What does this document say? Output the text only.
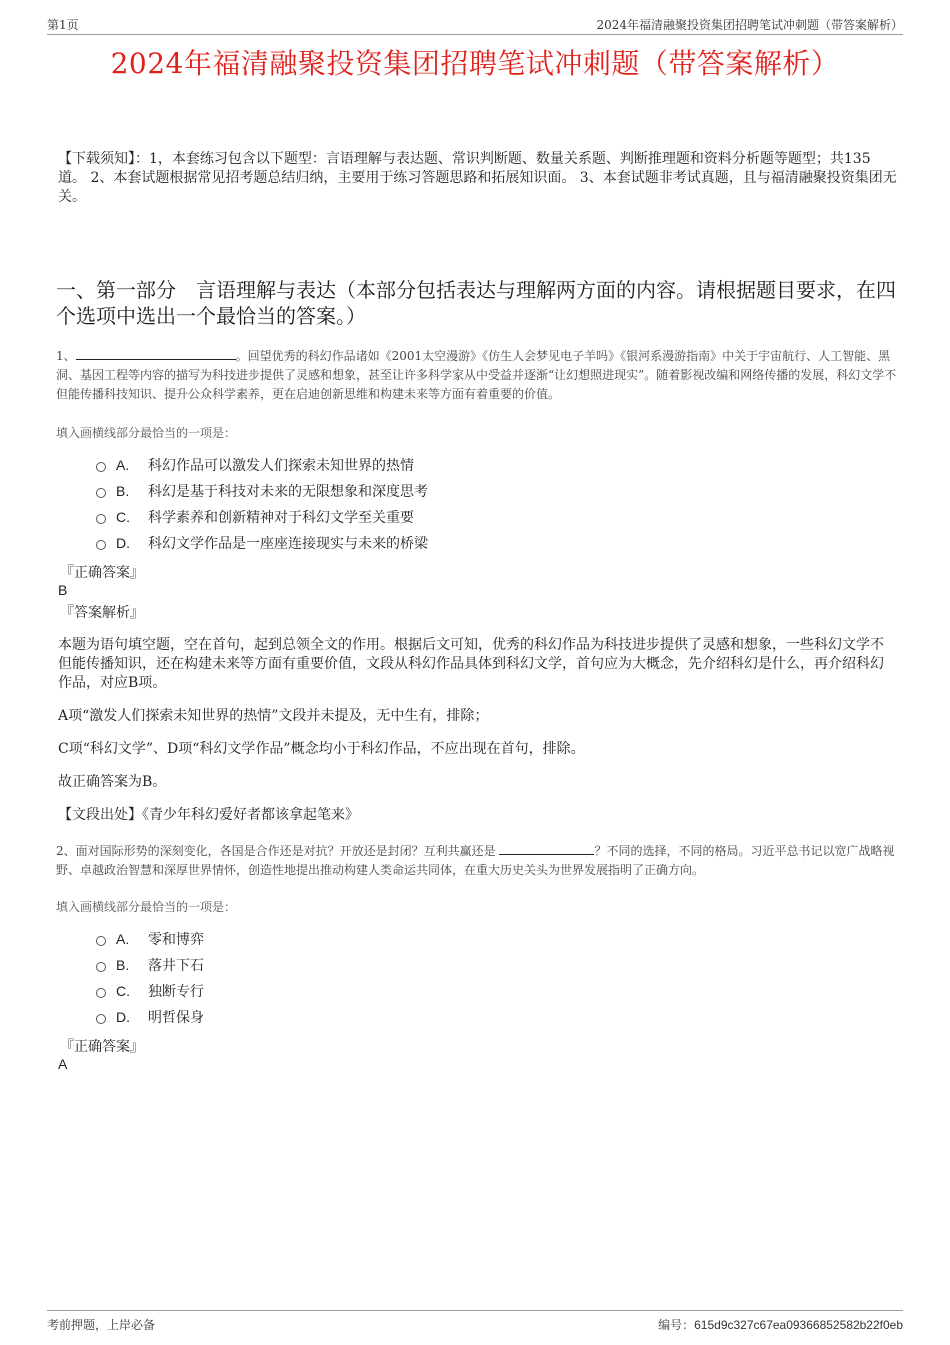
第1页	2024年福清融聚投资集团招聘笔试冲刺题（带答案解析）
2024年福清融聚投资集团招聘笔试冲刺题（带答案解析）
【下载须知】：1，本套练习包含以下题型：言语理解与表达题、常识判断题、数量关系题、判断推理题和资料分析题等题型；共135道。 2、本套试题根据常见招考题总结归纳，主要用于练习答题思路和拓展知识面。 3、本套试题非考试真题，且与福清融聚投资集团无关。
一、第一部分　言语理解与表达（本部分包括表达与理解两方面的内容。请根据题目要求，在四个选项中选出一个最恰当的答案。）
1、	。回望优秀的科幻作品诸如《2001太空漫游》《仿生人会梦见电子羊吗》《银河系漫游指南》中关于宇宙航行、人工智能、黑洞、基因工程等内容的描写为科技进步提供了灵感和想象，甚至让许多科学家从中受益并逐渐“让幻想照进现实”。随着影视改编和网络传播的发展，科幻文学不但能传播科技知识、提升公众科学素养，更在启迪创新思维和构建未来等方面有着重要的价值。
填入画横线部分最恰当的一项是：
A.	科幻作品可以激发人们探索未知世界的热情
B.	科幻是基于科技对未来的无限想象和深度思考
C.	科学素养和创新精神对于科幻文学至关重要
D.	科幻文学作品是一座座连接现实与未来的桥梁
『正确答案』
B
『答案解析』

本题为语句填空题，空在首句，起到总领全文的作用。根据后文可知，优秀的科幻作品为科技进步提供了灵感和想象，一些科幻文学不但能传播知识，还在构建未来等方面有重要价值，文段从科幻作品具体到科幻文学，首句应为大概念，先介绍科幻是什么，再介绍科幻作品，对应B项。

A项“激发人们探索未知世界的热情”文段并未提及，无中生有，排除；

C项“科幻文学”、D项“科幻文学作品”概念均小于科幻作品，不应出现在首句，排除。

故正确答案为B。

【文段出处】《青少年科幻爱好者都该拿起笔来》

2、面对国际形势的深刻变化，各国是合作还是对抗？开放还是封闭？互利共赢还是	？不同的选择，不同的格局。习近平总书记以宽广战略视野、卓越政治智慧和深厚世界情怀，创造性地提出推动构建人类命运共同体，在重大历史关头为世界发展指明了正确方向。
填入画横线部分最恰当的一项是：
A.	零和博弈
B.	落井下石
C.	独断专行
D.	明哲保身
『正确答案』
A
考前押题，上岸必备	编号：615d9c327c67ea09366852582b22f0eb
